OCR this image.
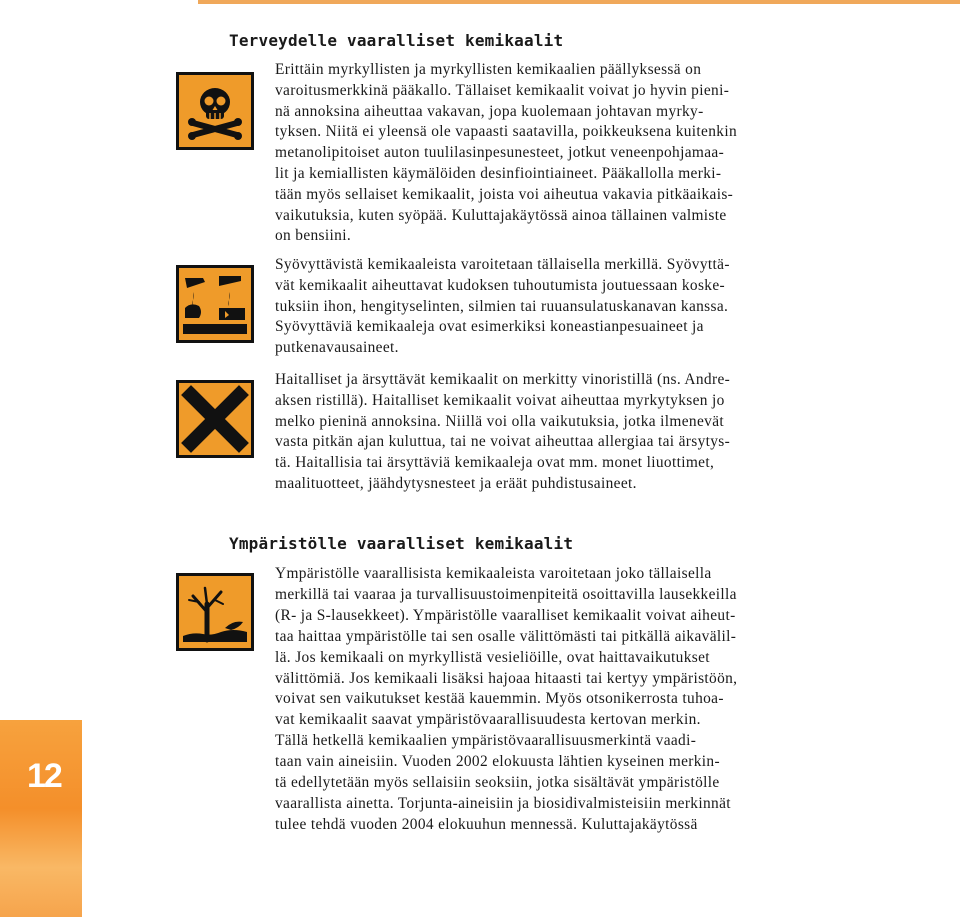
Terveydelle vaaralliset kemikaalit

Erittäin myrkyllisten ja myrkyllisten kemikaalien päällyksessä on
varoitusmerkkinä pääkallo. Tällaiset kemikaalit voivat jo hyvin pieni-
nä annoksina aiheuttaa vakavan, jopa kuolemaan johtavan myrky-
tyksen. Niitä ei yleensä ole vapaasti saatavilla, poikkeuksena kuitenkin
metanolipitoiset auton tuulilasinpesunesteet, jotkut veneenpohjamaa-
lit ja kemiallisten käymälöiden desinfiointiaineet. Pääkallolla merki-
tään myös sellaiset kemikaalit, joista voi aiheutua vakavia pitkäaikais-
vaikutuksia, kuten syöpää. Kuluttajakäytössä ainoa tällainen valmiste
on bensiini.

Syövyttävistä kemikaaleista varoitetaan tällaisella merkillä. Syövyttä-
vät kemikaalit aiheuttavat kudoksen tuhoutumista joutuessaan koske-
tuksiin ihon, hengityselinten, silmien tai ruuansulatuskanavan kanssa.
Syövyttäviä kemikaaleja ovat esimerkiksi koneastianpesuaineet ja
putkenavausaineet.

Haitalliset ja ärsyttävät kemikaalit on merkitty vinoristillä (ns. Andre-
aksen ristillä). Haitalliset kemikaalit voivat aiheuttaa myrkytyksen jo
melko pieninä annoksina. Niillä voi olla vaikutuksia, jotka ilmenevät
vasta pitkän ajan kuluttua, tai ne voivat aiheuttaa allergiaa tai ärsytys-
tä. Haitallisia tai ärsyttäviä kemikaaleja ovat mm. monet liuottimet,
maalituotteet, jäähdytysnesteet ja eräät puhdistusaineet.

Ympäristölle vaaralliset kemikaalit

Ympäristölle vaarallisista kemikaaleista varoitetaan joko tällaisella
merkillä tai vaaraa ja turvallisuustoimenpiteitä osoittavilla lausekkeilla
(R- ja S-lausekkeet). Ympäristölle vaaralliset kemikaalit voivat aiheut-
taa haittaa ympäristölle tai sen osalle välittömästi tai pitkällä aikavälil-
lä. Jos kemikaali on myrkyllistä vesieliöille, ovat haittavaikutukset
välittömiä. Jos kemikaali lisäksi hajoaa hitaasti tai kertyy ympäristöön,
voivat sen vaikutukset kestää kauemmin. Myös otsonikerrosta tuhoa-
vat kemikaalit saavat ympäristövaarallisuudesta kertovan merkin.
Tällä hetkellä kemikaalien ympäristövaarallisuusmerkintä vaadi-
taan vain aineisiin. Vuoden 2002 elokuusta lähtien kyseinen merkin-
tä edellytetään myös sellaisiin seoksiin, jotka sisältävät ympäristölle
vaarallista ainetta. Torjunta-aineisiin ja biosidivalmisteisiin merkinnät
tulee tehdä vuoden 2004 elokuuhun mennessä. Kuluttajakäytössä

12
